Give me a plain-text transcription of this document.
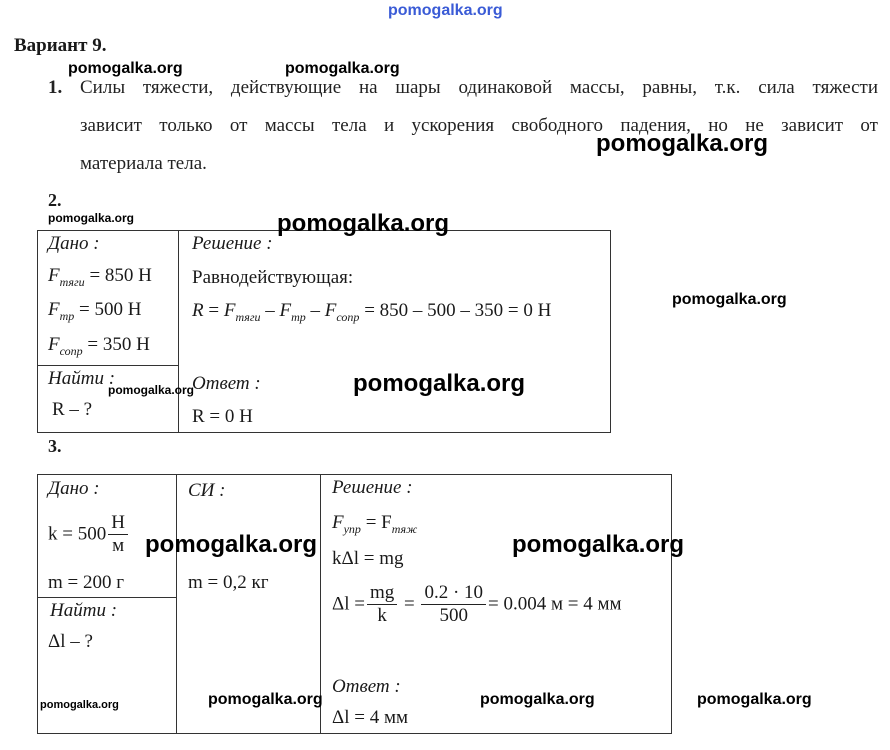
pomogalka.org
Вариант 9.
1. Силы тяжести, действующие на шары одинаковой массы, равны, т.к. сила тяжести
зависит только от массы тела и ускорения свободного падения, но не зависит от
материала тела.
2.
Дано :
$F_{тяги} = 850$ Н
$F_{тр} = 500$ Н
$F_{сопр} = 350$ Н
Найти :
R – ?
Решение :
Равнодействующая:
$R = F_{тяги} - F_{тр} - F_{сопр} = 850 - 500 - 350 = 0$ Н
Ответ :
R = 0 Н
3.
Дано :
$k = 500 \frac{Н}{м}$
m = 200 г
Найти :
Δl – ?
СИ :
m = 0,2 кг
Решение :
$F_{упр} = F_{тяж}$
kΔl = mg
$\Delta l = \frac{mg}{k} = \frac{0.2 \cdot 10}{500} = 0.004$ м = 4 мм
Ответ :
Δl = 4 мм
pomogalka.org	pomogalka.org
pomogalka.org
pomogalka.org	pomogalka.org
pomogalka.org
pomogalka.org	pomogalka.org
pomogalka.org	pomogalka.org
pomogalka.org	pomogalka.org	pomogalka.org	pomogalka.org
